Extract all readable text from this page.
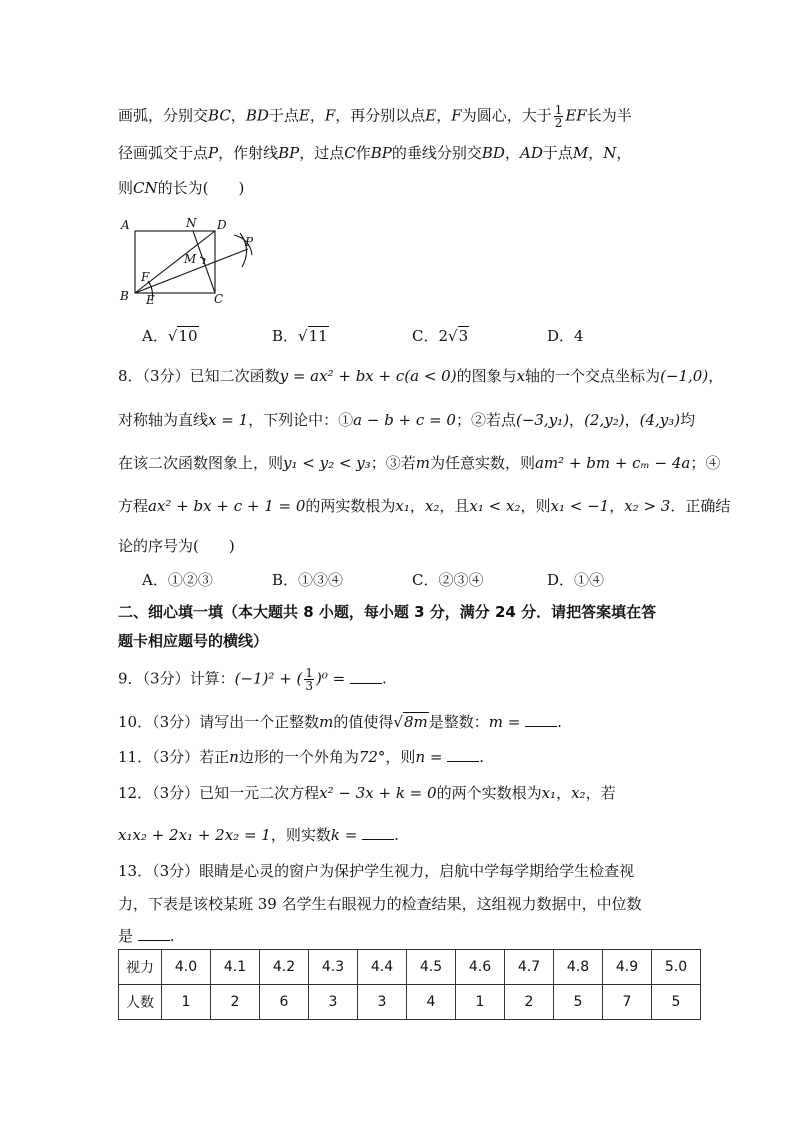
画弧，分别交BC，BD于点E，F，再分别以点E，F为圆心，大于 $\frac{1}{2}$ EF长为半
径画弧交于点P，作射线BP，过点C作BP的垂线分别交BD，AD于点M，N，
则CN的长为(　　)
A	N D
P
M
F
B E	C
A．√10	B．√11	C．2√3	D．4
8．（3分）已知二次函数y = ax² + bx + c(a < 0)的图象与x轴的一个交点坐标为(−1,0)，
对称轴为直线x = 1，下列论中：①a − b + c = 0；②若点(−3,y₁)，(2,y₂)，(4,y₃)均
在该二次函数图象上，则y₁ < y₂ < y₃；③若m为任意实数，则am² + bm + cₘ − 4a；④
方程ax² + bx + c + 1 = 0的两实数根为x₁，x₂，且x₁ < x₂，则x₁ < −1，x₂ > 3．正确结
论的序号为(　　)
A．①②③	B．①③④	C．②③④	D．①④
二、细心填一填（本大题共 8 小题，每小题 3 分，满分 24 分．请把答案填在答
题卡相应题号的横线）
9．（3分）计算：(−1)² + ( $\frac{1}{3} )^0$ = .
10．（3分）请写出一个正整数m的值使得√8m是整数：m = .
11．（3分）若正n边形的一个外角为72°，则n = .
12．（3分）已知一元二次方程x² − 3x + k = 0的两个实数根为x₁，x₂，若
x₁x₂ + 2x₁ + 2x₂ = 1，则实数k = .
13．（3分）眼睛是心灵的窗户为保护学生视力，启航中学每学期给学生检查视
力，下表是该校某班 39 名学生右眼视力的检查结果，这组视力数据中，中位数
是 .
视力	4.0	4.1	4.2	4.3	4.4	4.5	4.6	4.7	4.8	4.9	5.0
人数	1	2	6	3	3	4	1	2	5	7	5
